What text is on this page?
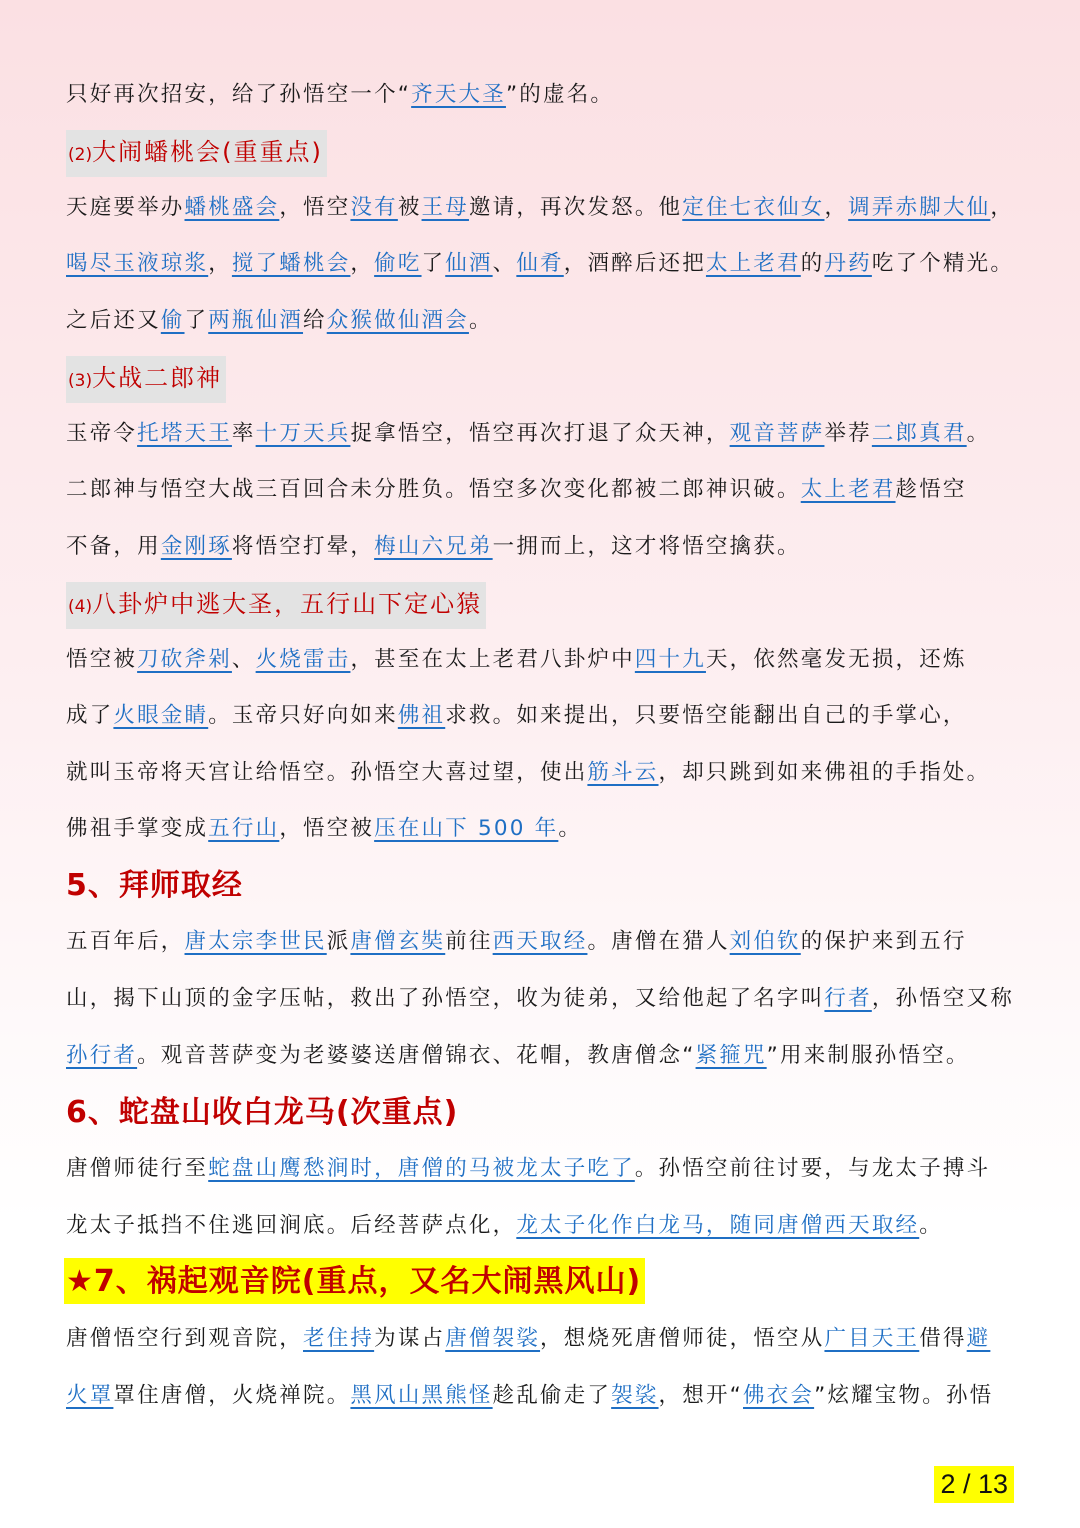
只好再次招安，给了孙悟空一个“齐天大圣”的虚名。

(2)大闹蟠桃会(重重点)

天庭要举办蟠桃盛会，悟空没有被王母邀请，再次发怒。他定住七衣仙女，调弄赤脚大仙，

喝尽玉液琼浆，搅了蟠桃会，偷吃了仙酒、仙肴，酒醉后还把太上老君的丹药吃了个精光。

之后还又偷了两瓶仙酒给众猴做仙酒会。

(3)大战二郎神

玉帝令托塔天王率十万天兵捉拿悟空，悟空再次打退了众天神，观音菩萨举荐二郎真君。

二郎神与悟空大战三百回合未分胜负。悟空多次变化都被二郎神识破。太上老君趁悟空

不备，用金刚琢将悟空打晕，梅山六兄弟一拥而上，这才将悟空擒获。

(4)八卦炉中逃大圣，五行山下定心猿

悟空被刀砍斧剁、火烧雷击，甚至在太上老君八卦炉中四十九天，依然毫发无损，还炼

成了火眼金睛。玉帝只好向如来佛祖求救。如来提出，只要悟空能翻出自己的手掌心，

就叫玉帝将天宫让给悟空。孙悟空大喜过望，使出筋斗云，却只跳到如来佛祖的手指处。

佛祖手掌变成五行山，悟空被压在山下 500 年。

5、拜师取经

五百年后，唐太宗李世民派唐僧玄奘前往西天取经。唐僧在猎人刘伯钦的保护来到五行

山，揭下山顶的金字压帖，救出了孙悟空，收为徒弟，又给他起了名字叫行者，孙悟空又称

孙行者。观音菩萨变为老婆婆送唐僧锦衣、花帽，教唐僧念“紧箍咒”用来制服孙悟空。

6、蛇盘山收白龙马(次重点)

唐僧师徒行至蛇盘山鹰愁涧时，唐僧的马被龙太子吃了。孙悟空前往讨要，与龙太子搏斗

龙太子抵挡不住逃回涧底。后经菩萨点化，龙太子化作白龙马，随同唐僧西天取经。

★7、祸起观音院(重点，又名大闹黑风山)

唐僧悟空行到观音院，老住持为谋占唐僧袈裟，想烧死唐僧师徒，悟空从广目天王借得避

火罩罩住唐僧，火烧禅院。黑风山黑熊怪趁乱偷走了袈裟，想开“佛衣会”炫耀宝物。孙悟

2 / 13
